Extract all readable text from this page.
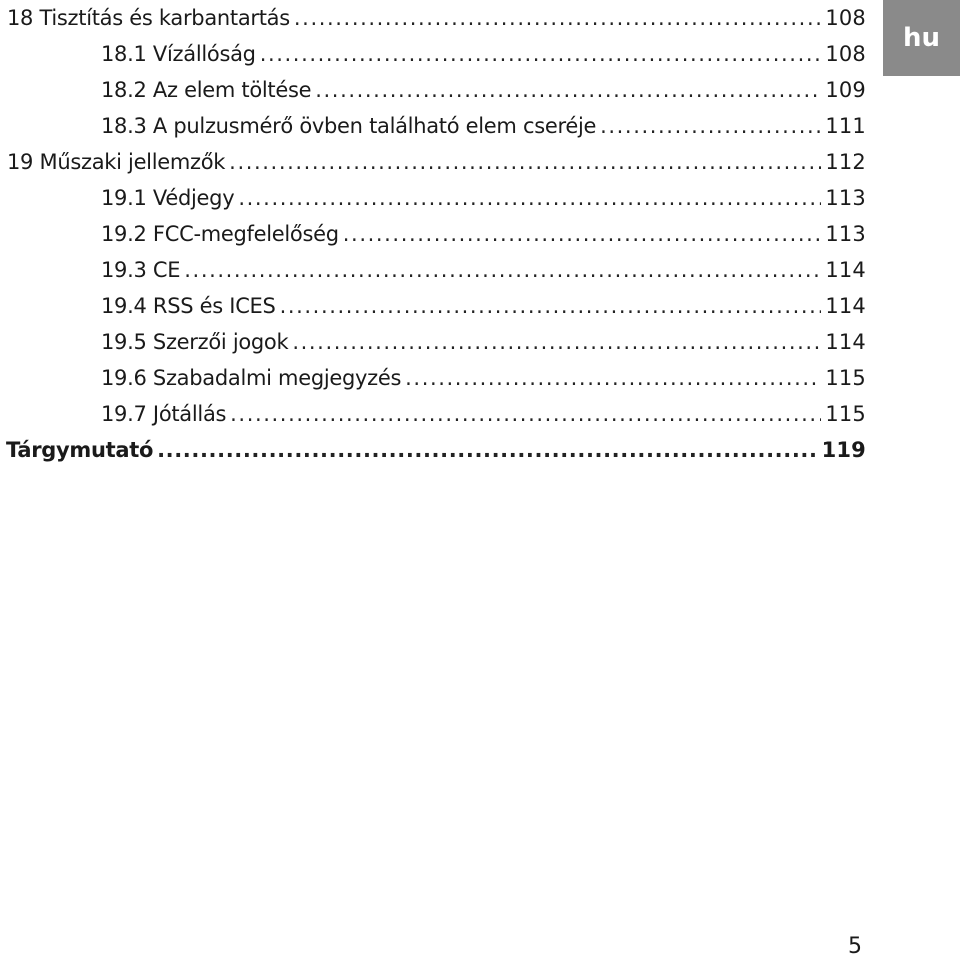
18 Tisztítás és karbantartás .....	108
18.1 Vízállóság .....	108
18.2 Az elem töltése .....	109
18.3 A pulzusmérő övben található elem cseréje .....	111
19 Műszaki jellemzők .....	112
19.1 Védjegy .....	113
19.2 FCC-megfelelőség .....	113
19.3 CE .....	114
19.4 RSS és ICES .....	114
19.5 Szerzői jogok .....	114
19.6 Szabadalmi megjegyzés .....	115
19.7 Jótállás .....	115
Tárgymutató .....	119
hu
5
